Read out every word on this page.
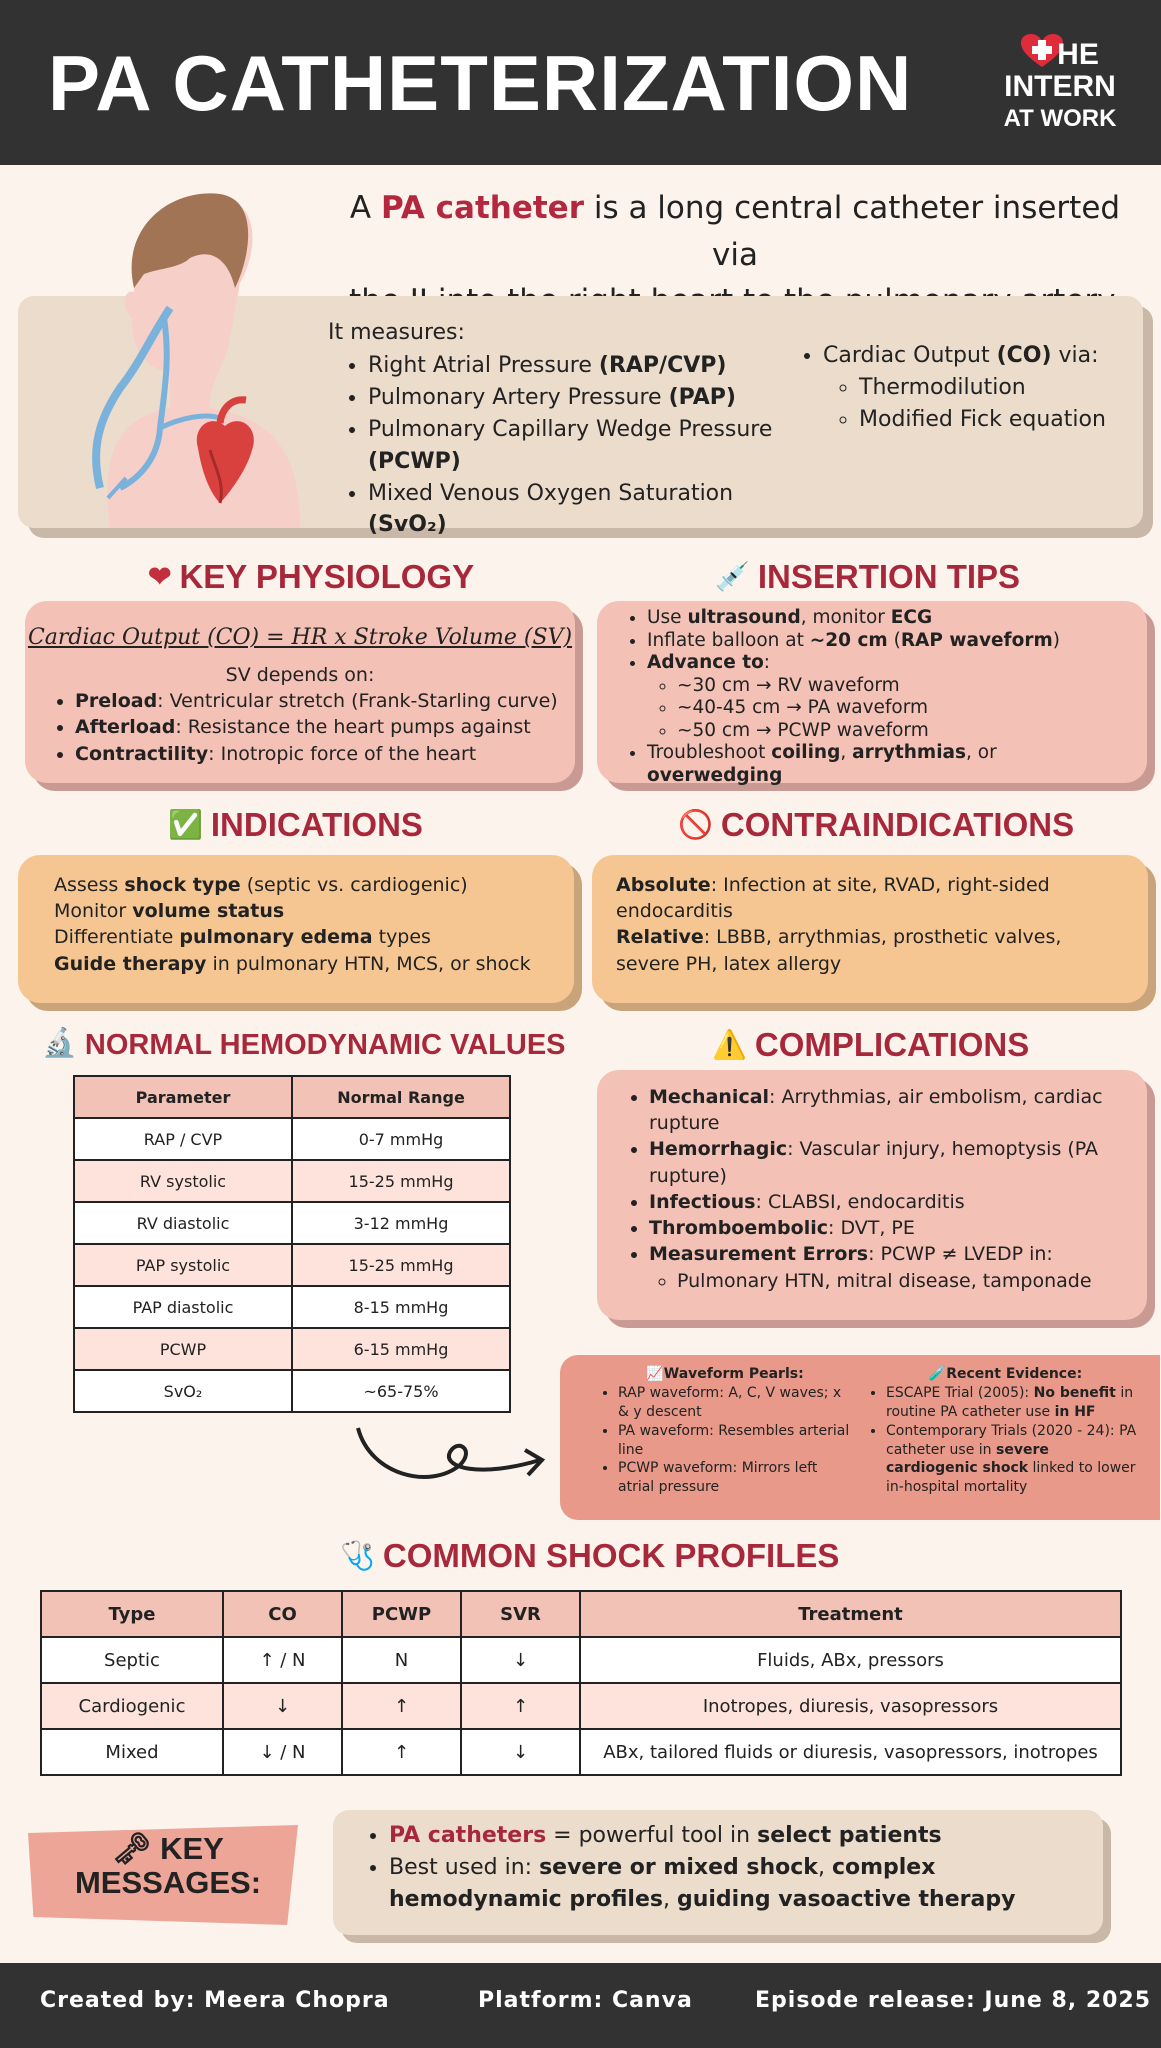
PA CATHETERIZATION	HE
INTERN
AT WORK
A PA catheter is a long central catheter inserted via

It measures:
• Right Atrial Pressure (RAP/CVP)
• Pulmonary Artery Pressure (PAP)
• Pulmonary Capillary Wedge Pressure (PCWP)
• Mixed Venous Oxygen Saturation (SvO₂)
• Cardiac Output (CO) via:
◦ Thermodilution
◦ Modified Fick equation
❤ KEY PHYSIOLOGY
Cardiac Output (CO) = HR x Stroke Volume (SV)
SV depends on:
• Preload: Ventricular stretch (Frank-Starling curve)
• Afterload: Resistance the heart pumps against
• Contractility: Inotropic force of the heart
💉 INSERTION TIPS
• Use ultrasound, monitor ECG
• Inflate balloon at ~20 cm (RAP waveform)
• Advance to:
◦ ~30 cm → RV waveform
◦ ~40-45 cm → PA waveform
◦ ~50 cm → PCWP waveform
• Troubleshoot coiling, arrythmias, or overwedging
✅ INDICATIONS
Assess shock type (septic vs. cardiogenic)
Monitor volume status
Differentiate pulmonary edema types
Guide therapy in pulmonary HTN, MCS, or shock
🚫 CONTRAINDICATIONS
Absolute: Infection at site, RVAD, right-sided endocarditis
Relative: LBBB, arrythmias, prosthetic valves, severe PH, latex allergy
🔬 NORMAL HEMODYNAMIC VALUES
Parameter	Normal Range
RAP / CVP	0-7 mmHg
RV systolic	15-25 mmHg
RV diastolic	3-12 mmHg
PAP systolic	15-25 mmHg
PAP diastolic	8-15 mmHg
PCWP	6-15 mmHg
SvO₂	~65-75%
⚠️ COMPLICATIONS
• Mechanical: Arrythmias, air embolism, cardiac rupture
• Hemorrhagic: Vascular injury, hemoptysis (PA rupture)
• Infectious: CLABSI, endocarditis
• Thromboembolic: DVT, PE
• Measurement Errors: PCWP ≠ LVEDP in:
◦ Pulmonary HTN, mitral disease, tamponade
📈Waveform Pearls:
• RAP waveform: A, C, V waves; x & y descent
• PA waveform: Resembles arterial line
• PCWP waveform: Mirrors left atrial pressure
🧪Recent Evidence:
• ESCAPE Trial (2005): No benefit in routine PA catheter use in HF
• Contemporary Trials (2020 - 24): PA catheter use in severe cardiogenic shock linked to lower in-hospital mortality
🩺 COMMON SHOCK PROFILES
Type	CO	PCWP	SVR	Treatment
Septic	↑ / N	N	↓	Fluids, ABx, pressors
Cardiogenic	↓	↑	↑	Inotropes, diuresis, vasopressors
Mixed	↓ / N	↑	↓	ABx, tailored fluids or diuresis, vasopressors, inotropes
🗝 KEY
MESSAGES:
• PA catheters = powerful tool in select patients
• Best used in: severe or mixed shock, complex hemodynamic profiles, guiding vasoactive therapy
Created by: Meera Chopra	Platform: Canva	Episode release: June 8, 2025
